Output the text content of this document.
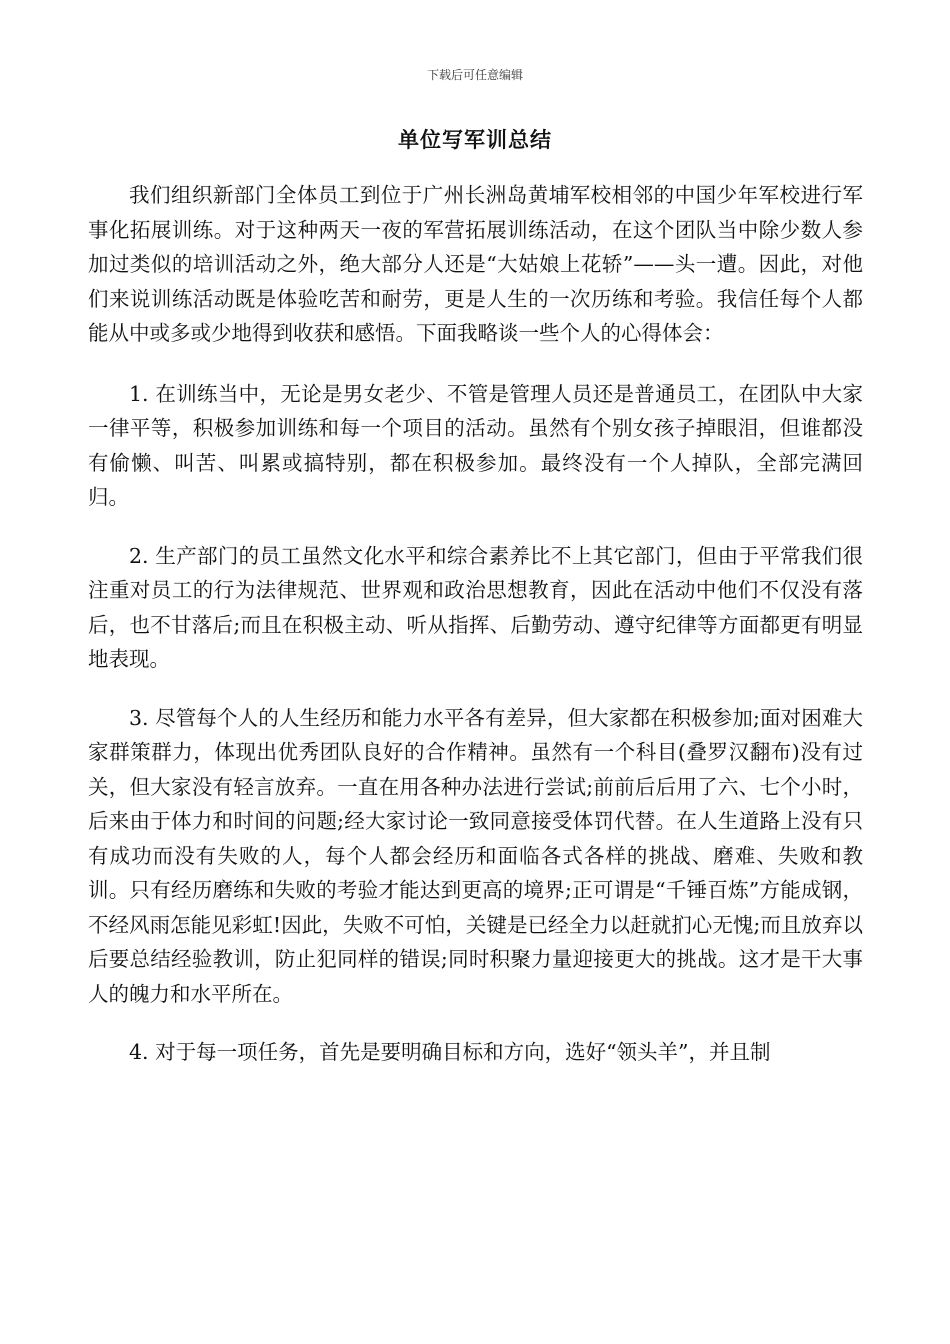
下载后可任意编辑
单位写军训总结

我们组织新部门全体员工到位于广州长洲岛黄埔军校相邻的中国少年军校进行军事化拓展训练。对于这种两天一夜的军营拓展训练活动，在这个团队当中除少数人参加过类似的培训活动之外，绝大部分人还是“大姑娘上花轿”——头一遭。因此，对他们来说训练活动既是体验吃苦和耐劳，更是人生的一次历练和考验。我信任每个人都能从中或多或少地得到收获和感悟。下面我略谈一些个人的心得体会：

1. 在训练当中，无论是男女老少、不管是管理人员还是普通员工，在团队中大家一律平等，积极参加训练和每一个项目的活动。虽然有个别女孩子掉眼泪，但谁都没有偷懒、叫苦、叫累或搞特别，都在积极参加。最终没有一个人掉队，全部完满回归。

2. 生产部门的员工虽然文化水平和综合素养比不上其它部门，但由于平常我们很注重对员工的行为法律规范、世界观和政治思想教育，因此在活动中他们不仅没有落后，也不甘落后;而且在积极主动、听从指挥、后勤劳动、遵守纪律等方面都更有明显地表现。

3. 尽管每个人的人生经历和能力水平各有差异，但大家都在积极参加;面对困难大家群策群力，体现出优秀团队良好的合作精神。虽然有一个科目(叠罗汉翻布)没有过关，但大家没有轻言放弃。一直在用各种办法进行尝试;前前后后用了六、七个小时，后来由于体力和时间的问题;经大家讨论一致同意接受体罚代替。在人生道路上没有只有成功而没有失败的人，每个人都会经历和面临各式各样的挑战、磨难、失败和教训。只有经历磨练和失败的考验才能达到更高的境界;正可谓是“千锤百炼”方能成钢，不经风雨怎能见彩虹!因此，失败不可怕，关键是已经全力以赶就扪心无愧;而且放弃以后要总结经验教训，防止犯同样的错误;同时积聚力量迎接更大的挑战。这才是干大事人的魄力和水平所在。

4. 对于每一项任务，首先是要明确目标和方向，选好“领头羊”，并且制
